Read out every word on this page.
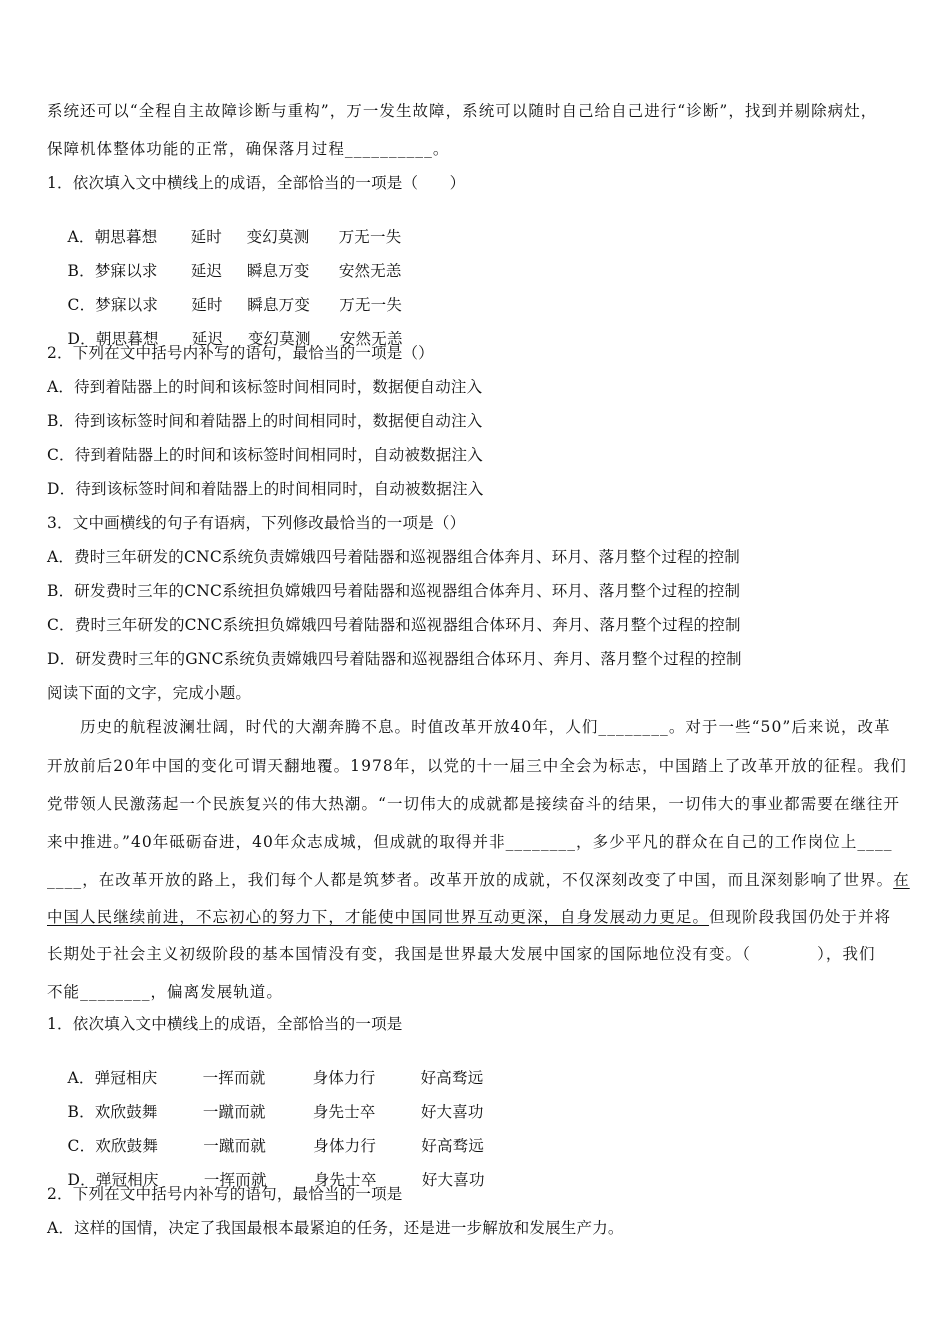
系统还可以“全程自主故障诊断与重构”，万一发生故障，系统可以随时自己给自己进行“诊断”，找到并剔除病灶，
保障机体整体功能的正常，确保落月过程__________。
1．依次填入文中横线上的成语，全部恰当的一项是（　　）

A．朝思暮想 延时 变幻莫测 万无一失

B．梦寐以求 延迟 瞬息万变 安然无恙

C．梦寐以求 延时 瞬息万变 万无一失

D．朝思暮想 延迟 变幻莫测 安然无恙

2．下列在文中括号内补写的语句，最恰当的一项是（）
A．待到着陆器上的时间和该标签时间相同时，数据便自动注入
B．待到该标签时间和着陆器上的时间相同时，数据便自动注入
C．待到着陆器上的时间和该标签时间相同时，自动被数据注入
D．待到该标签时间和着陆器上的时间相同时，自动被数据注入
3．文中画横线的句子有语病，下列修改最恰当的一项是（）
A．费时三年研发的CNC系统负责嫦娥四号着陆器和巡视器组合体奔月、环月、落月整个过程的控制
B．研发费时三年的CNC系统担负嫦娥四号着陆器和巡视器组合体奔月、环月、落月整个过程的控制
C．费时三年研发的CNC系统担负嫦娥四号着陆器和巡视器组合体环月、奔月、落月整个过程的控制
D．研发费时三年的GNC系统负责嫦娥四号着陆器和巡视器组合体环月、奔月、落月整个过程的控制
阅读下面的文字，完成小题。
　　历史的航程波澜壮阔，时代的大潮奔腾不息。时值改革开放40年，人们________。对于一些“50”后来说，改革
开放前后20年中国的变化可谓天翻地覆。1978年，以党的十一届三中全会为标志，中国踏上了改革开放的征程。我们
党带领人民激荡起一个民族复兴的伟大热潮。“一切伟大的成就都是接续奋斗的结果，一切伟大的事业都需要在继往开
来中推进。”40年砥砺奋进，40年众志成城，但成就的取得并非________，多少平凡的群众在自己的工作岗位上____
____，在改革开放的路上，我们每个人都是筑梦者。改革开放的成就，不仅深刻改变了中国，而且深刻影响了世界。在
中国人民继续前进，不忘初心的努力下，才能使中国同世界互动更深，自身发展动力更足。但现阶段我国仍处于并将
长期处于社会主义初级阶段的基本国情没有变，我国是世界最大发展中国家的国际地位没有变。（　　　　），我们
不能________，偏离发展轨道。
1．依次填入文中横线上的成语，全部恰当的一项是

A．弹冠相庆	一挥而就	身体力行	好高骛远

B．欢欣鼓舞	一蹴而就	身先士卒	好大喜功

C．欢欣鼓舞	一蹴而就	身体力行	好高骛远

D．弹冠相庆	一挥而就	身先士卒	好大喜功

2．下列在文中括号内补写的语句，最恰当的一项是
A．这样的国情，决定了我国最根本最紧迫的任务，还是进一步解放和发展生产力。
